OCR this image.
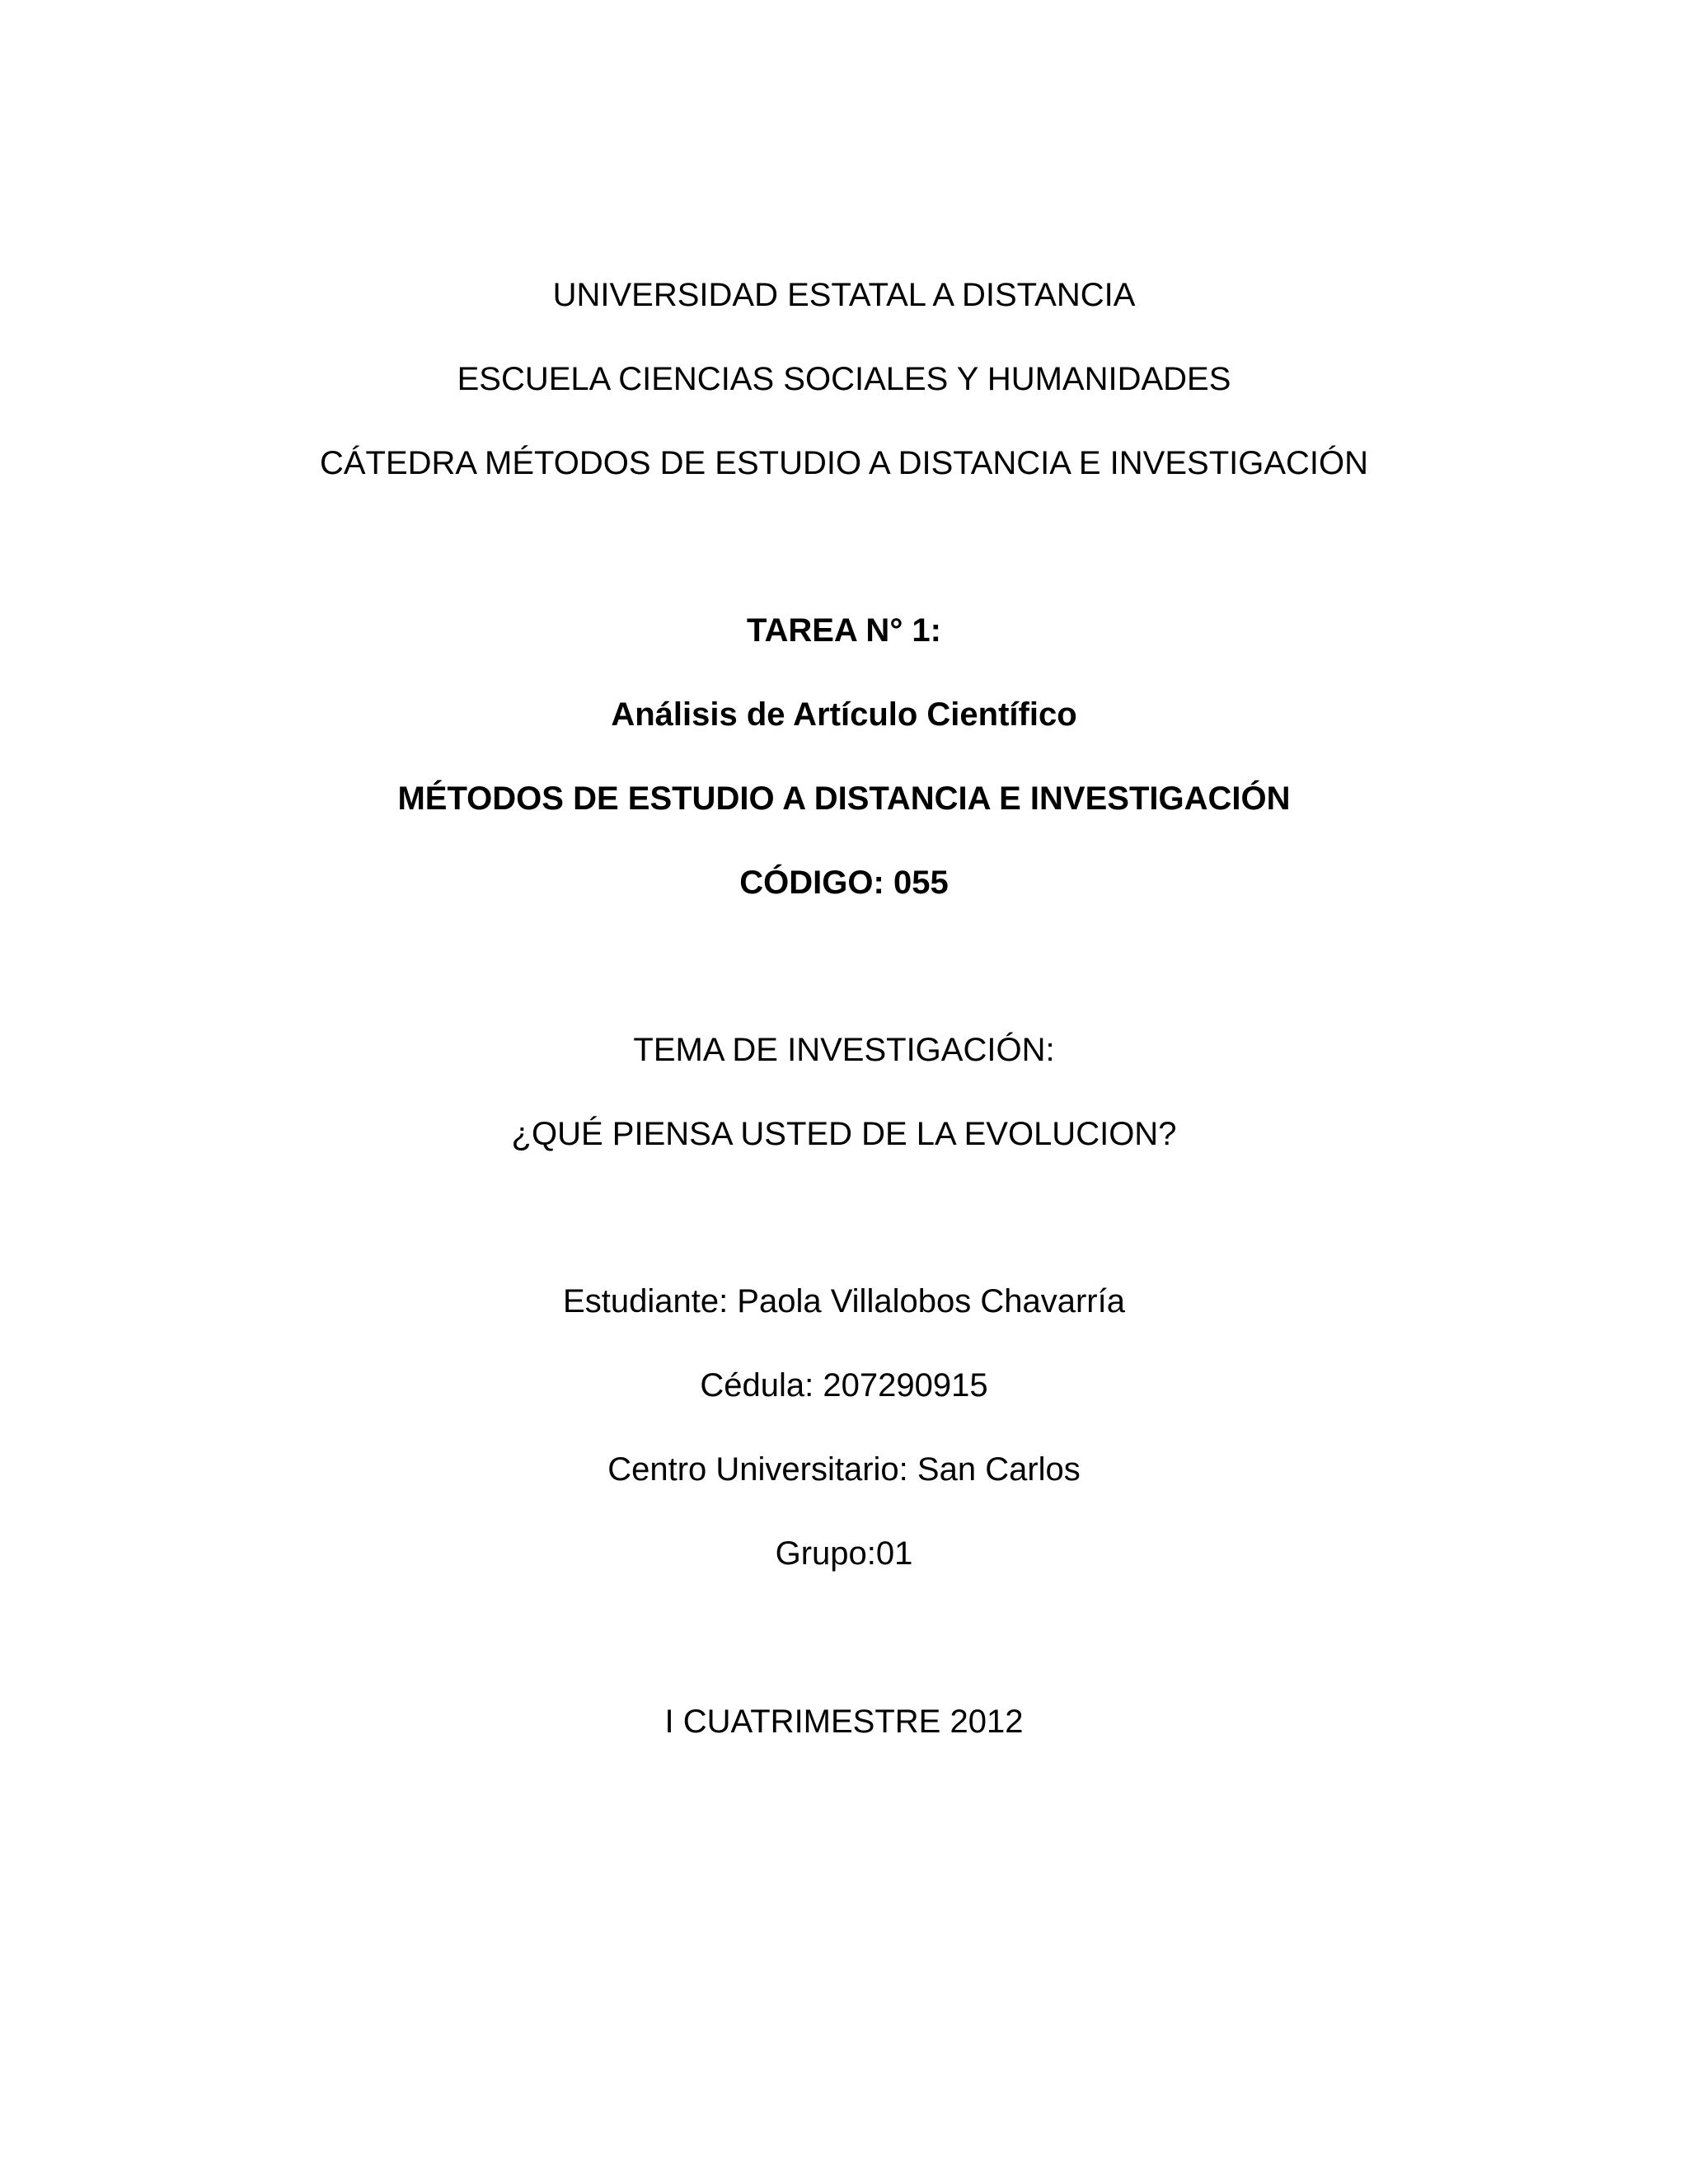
UNIVERSIDAD ESTATAL A DISTANCIA
ESCUELA CIENCIAS SOCIALES Y HUMANIDADES
CÁTEDRA MÉTODOS DE ESTUDIO A DISTANCIA E INVESTIGACIÓN
TAREA N° 1:
Análisis de Artículo Científico
MÉTODOS DE ESTUDIO A DISTANCIA E INVESTIGACIÓN
CÓDIGO: 055
TEMA DE INVESTIGACIÓN:
¿QUÉ PIENSA USTED DE LA EVOLUCION?
Estudiante: Paola Villalobos Chavarría
Cédula: 207290915
Centro Universitario: San Carlos
Grupo:01
I CUATRIMESTRE 2012
